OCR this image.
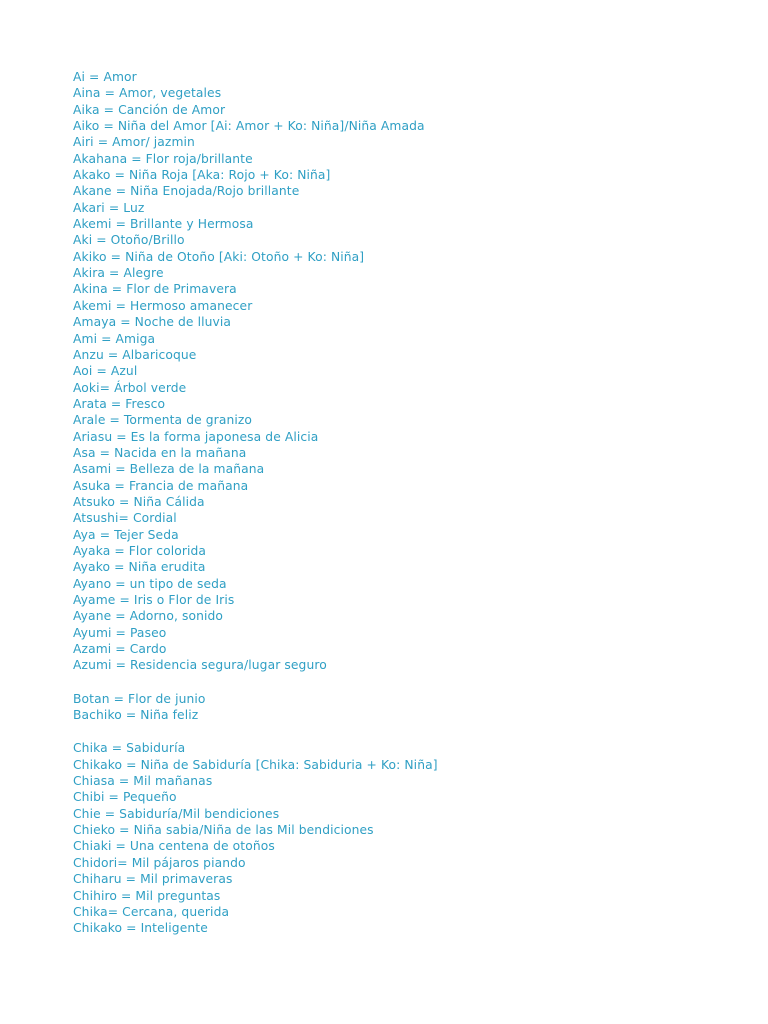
Ai = Amor
Aina = Amor, vegetales
Aika = Canción de Amor
Aiko = Niña del Amor [Ai: Amor + Ko: Niña]/Niña Amada
Airi = Amor/ jazmin
Akahana = Flor roja/brillante
Akako = Niña Roja [Aka: Rojo + Ko: Niña]
Akane = Niña Enojada/Rojo brillante
Akari = Luz
Akemi = Brillante y Hermosa
Aki = Otoño/Brillo
Akiko = Niña de Otoño [Aki: Otoño + Ko: Niña]
Akira = Alegre
Akina = Flor de Primavera
Akemi = Hermoso amanecer
Amaya = Noche de lluvia
Ami = Amiga
Anzu = Albaricoque
Aoi = Azul
Aoki= Árbol verde
Arata = Fresco
Arale = Tormenta de granizo
Ariasu = Es la forma japonesa de Alicia
Asa = Nacida en la mañana
Asami = Belleza de la mañana
Asuka = Francia de mañana
Atsuko = Niña Cálida
Atsushi= Cordial
Aya = Tejer Seda
Ayaka = Flor colorida
Ayako = Niña erudita
Ayano = un tipo de seda
Ayame = Iris o Flor de Iris
Ayane = Adorno, sonido
Ayumi = Paseo
Azami = Cardo
Azumi = Residencia segura/lugar seguro
Botan = Flor de junio
Bachiko = Niña feliz
Chika = Sabiduría
Chikako = Niña de Sabiduría [Chika: Sabiduria + Ko: Niña]
Chiasa = Mil mañanas
Chibi = Pequeño
Chie = Sabiduría/Mil bendiciones
Chieko = Niña sabia/Niña de las Mil bendiciones
Chiaki = Una centena de otoños
Chidori= Mil pájaros piando
Chiharu = Mil primaveras
Chihiro = Mil preguntas
Chika= Cercana, querida
Chikako = Inteligente
